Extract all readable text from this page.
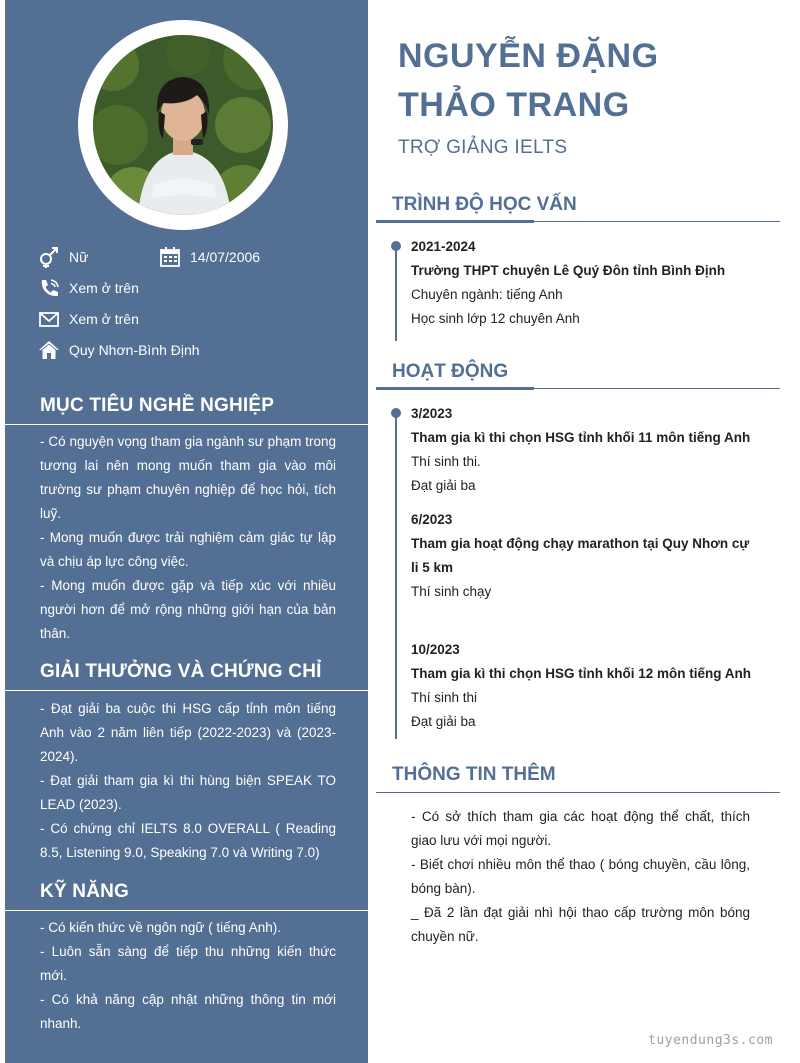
Nữ	14/07/2006
Xem ở trên
Xem ở trên
Quy Nhơn-Bình Định
MỤC TIÊU NGHỀ NGHIỆP

- Có nguyện vọng tham gia ngành sư phạm trong tương lai nên mong muốn tham gia vào môi trường sư phạm chuyên nghiệp để học hỏi, tích luỹ.

- Mong muốn được trải nghiệm cảm giác tự lập và chịu áp lực công việc.

- Mong muốn được gặp và tiếp xúc với nhiều người hơn để mở rộng những giới hạn của bản thân.

GIẢI THƯỞNG VÀ CHỨNG CHỈ

- Đạt giải ba cuộc thi HSG cấp tỉnh môn tiếng Anh vào 2 năm liên tiếp (2022-2023) và (2023-2024).

- Đạt giải tham gia kì thi hùng biện SPEAK TO LEAD (2023).

- Có chứng chỉ IELTS 8.0 OVERALL ( Reading 8.5, Listening 9.0, Speaking 7.0 và Writing 7.0)

KỸ NĂNG

- Có kiến thức về ngôn ngữ ( tiếng Anh).

- Luôn sẵn sàng để tiếp thu những kiến thức mới.

- Có khả năng cập nhật những thông tin mới nhanh.

NGUYỄN ĐẶNG
THẢO TRANG
TRỢ GIẢNG IELTS
TRÌNH ĐỘ HỌC VẤN
2021-2024
Trường THPT chuyên Lê Quý Đôn tỉnh Bình Định
Chuyên ngành: tiếng Anh
Học sinh lớp 12 chuyên Anh
HOẠT ĐỘNG
3/2023
Tham gia kì thi chọn HSG tỉnh khối 11 môn tiếng Anh
Thí sinh thi.
Đạt giải ba
6/2023
Tham gia hoạt động chạy marathon tại Quy Nhơn cự li 5 km
Thí sinh chạy
10/2023
Tham gia kì thi chọn HSG tỉnh khối 12 môn tiếng Anh
Thí sinh thi
Đạt giải ba
THÔNG TIN THÊM

- Có sở thích tham gia các hoạt động thể chất, thích giao lưu với mọi người.

- Biết chơi nhiều môn thể thao ( bóng chuyền, cầu lông, bóng bàn).

_ Đã 2 lần đạt giải nhì hội thao cấp trường môn bóng chuyền nữ.

tuyendung3s.com
